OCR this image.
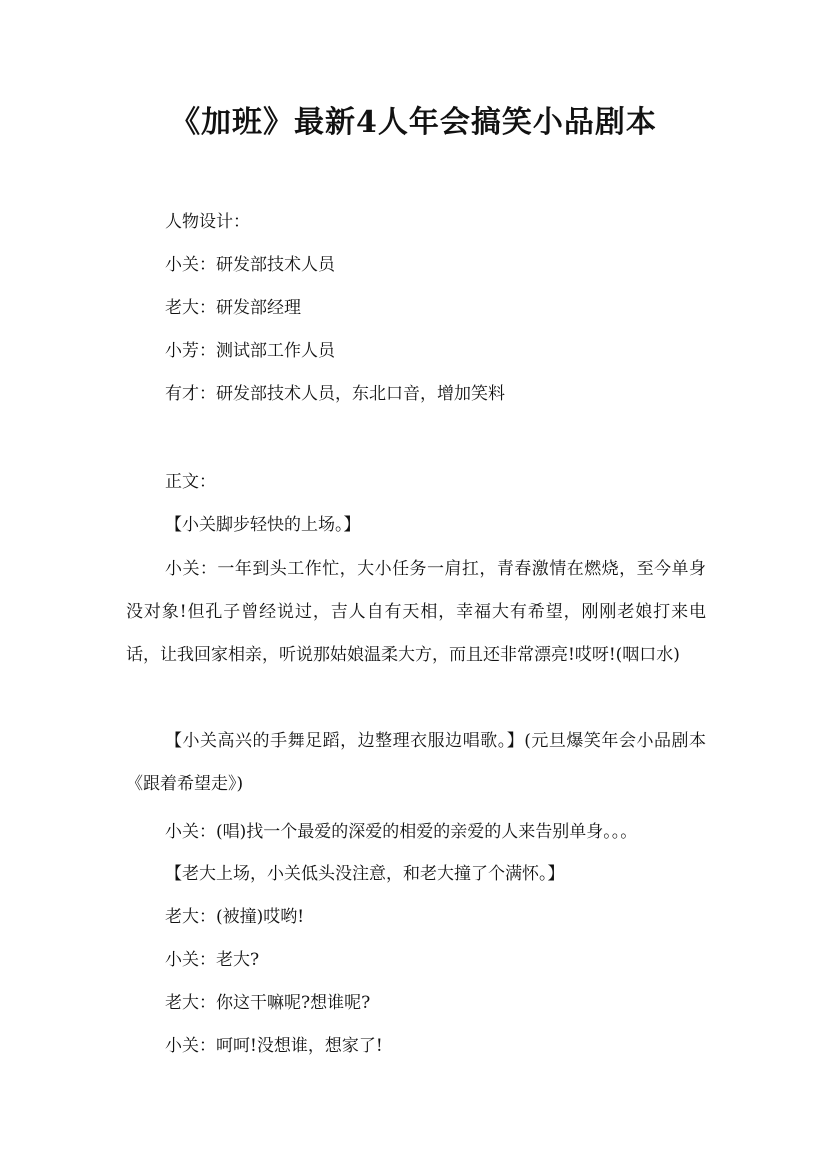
《加班》最新4人年会搞笑小品剧本
人物设计：
小关：研发部技术人员
老大：研发部经理
小芳：测试部工作人员
有才：研发部技术人员，东北口音，增加笑料
正文：
【小关脚步轻快的上场。】
小关：一年到头工作忙，大小任务一肩扛，青春激情在燃烧，至今单身没对象!但孔子曾经说过，吉人自有天相，幸福大有希望，刚刚老娘打来电话，让我回家相亲，听说那姑娘温柔大方，而且还非常漂亮!哎呀!(咽口水)
【小关高兴的手舞足蹈，边整理衣服边唱歌。】(元旦爆笑年会小品剧本《跟着希望走》)
小关：(唱)找一个最爱的深爱的相爱的亲爱的人来告别单身。。。
【老大上场，小关低头没注意，和老大撞了个满怀。】
老大：(被撞)哎哟!
小关：老大?
老大：你这干嘛呢?想谁呢?
小关：呵呵!没想谁，想家了!
